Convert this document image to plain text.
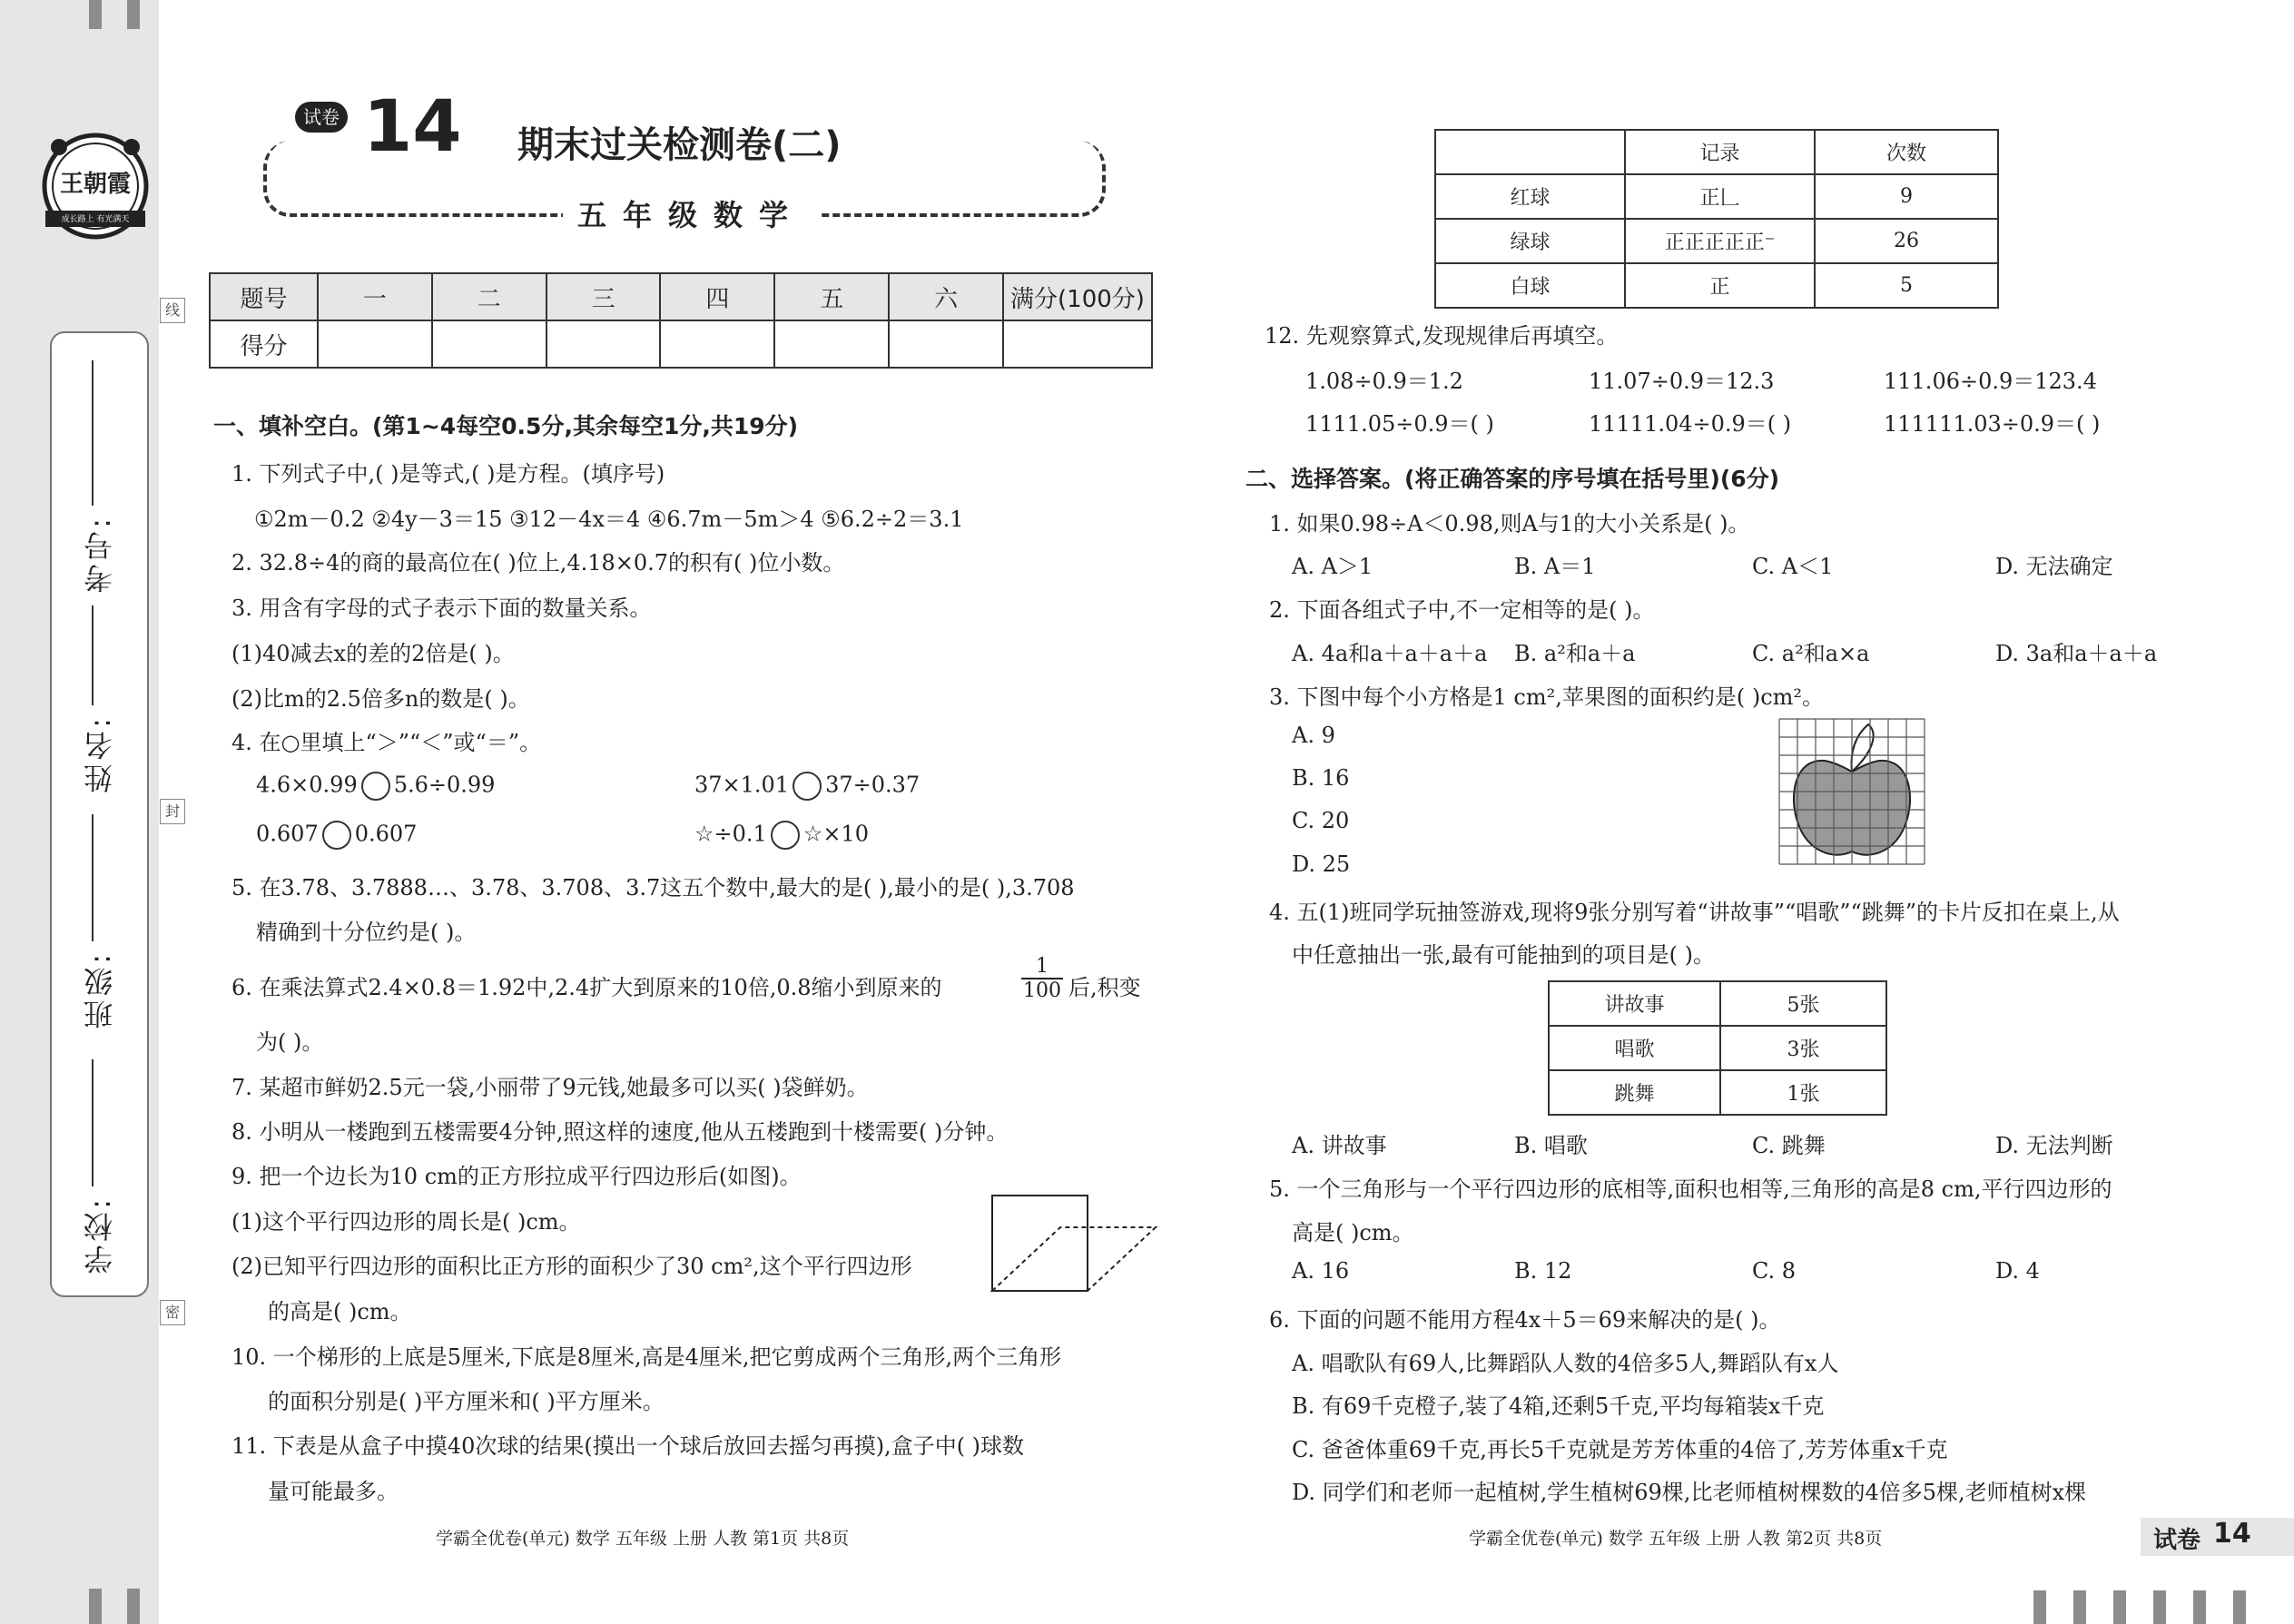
王朝霞
成长路上 有光满天
考号:
姓名:
班级:
学校:
线
封
密
试卷 14	期末过关检测卷(二)
五年级数学
题号	一	二	三	四	五	六	满分(100分)
得分							
一、填补空白。(第1~4每空0.5分,其余每空1分,共19分)
1. 下列式子中,( )是等式,( )是方程。(填序号)
①2m－0.2 ②4y－3＝15 ③12－4x＝4 ④6.7m－5m＞4 ⑤6.2÷2＝3.1
2. 32.8÷4的商的最高位在( )位上,4.18×0.7的积有( )位小数。
3. 用含有字母的式子表示下面的数量关系。
(1)40减去x的差的2倍是( )。
(2)比m的2.5倍多n的数是( )。
4. 在○里填上“＞”“＜”或“＝”。
4.6×0.99 5.6÷0.99	37×1.01 37÷0.37
0.607 0.607	☆÷0.1 ☆×10
5. 在3.78、3.7888…、3.78、3.708、3.7这五个数中,最大的是( ),最小的是( ),3.708
精确到十分位约是( )。
6. 在乘法算式2.4×0.8＝1.92中,2.4扩大到原来的10倍,0.8缩小到原来的
1
100 后,积变
为( )。
7. 某超市鲜奶2.5元一袋,小丽带了9元钱,她最多可以买( )袋鲜奶。
8. 小明从一楼跑到五楼需要4分钟,照这样的速度,他从五楼跑到十楼需要( )分钟。
9. 把一个边长为10 cm的正方形拉成平行四边形后(如图)。
(1)这个平行四边形的周长是( )cm。
(2)已知平行四边形的面积比正方形的面积少了30 cm²,这个平行四边形
的高是( )cm。
10. 一个梯形的上底是5厘米,下底是8厘米,高是4厘米,把它剪成两个三角形,两个三角形
的面积分别是( )平方厘米和( )平方厘米。
11. 下表是从盒子中摸40次球的结果(摸出一个球后放回去摇匀再摸),盒子中( )球数
量可能最多。
学霸全优卷(单元) 数学 五年级 上册 人教 第1页 共8页
	记录	次数
红球	正𠃊	9
绿球	正正正正正⁻	26
白球	正	5
12. 先观察算式,发现规律后再填空。
1.08÷0.9＝1.2	11.07÷0.9＝12.3	111.06÷0.9＝123.4
1111.05÷0.9＝( )	11111.04÷0.9＝( )	111111.03÷0.9＝( )
二、选择答案。(将正确答案的序号填在括号里)(6分)
1. 如果0.98÷A＜0.98,则A与1的大小关系是( )。
A. A＞1	B. A＝1	C. A＜1	D. 无法确定
2. 下面各组式子中,不一定相等的是( )。
A. 4a和a＋a＋a＋a B. a²和a＋a	C. a²和a×a	D. 3a和a＋a＋a
3. 下图中每个小方格是1 cm²,苹果图的面积约是( )cm²。
A. 9
B. 16
C. 20
D. 25
4. 五(1)班同学玩抽签游戏,现将9张分别写着“讲故事”“唱歌”“跳舞”的卡片反扣在桌上,从
中任意抽出一张,最有可能抽到的项目是( )。
讲故事	5张
唱歌	3张
跳舞	1张
A. 讲故事	B. 唱歌	C. 跳舞	D. 无法判断
5. 一个三角形与一个平行四边形的底相等,面积也相等,三角形的高是8 cm,平行四边形的
高是( )cm。
A. 16	B. 12	C. 8	D. 4
6. 下面的问题不能用方程4x＋5＝69来解决的是( )。
A. 唱歌队有69人,比舞蹈队人数的4倍多5人,舞蹈队有x人
B. 有69千克橙子,装了4箱,还剩5千克,平均每箱装x千克
C. 爸爸体重69千克,再长5千克就是芳芳体重的4倍了,芳芳体重x千克
D. 同学们和老师一起植树,学生植树69棵,比老师植树棵数的4倍多5棵,老师植树x棵
学霸全优卷(单元) 数学 五年级 上册 人教 第2页 共8页	试卷 14
